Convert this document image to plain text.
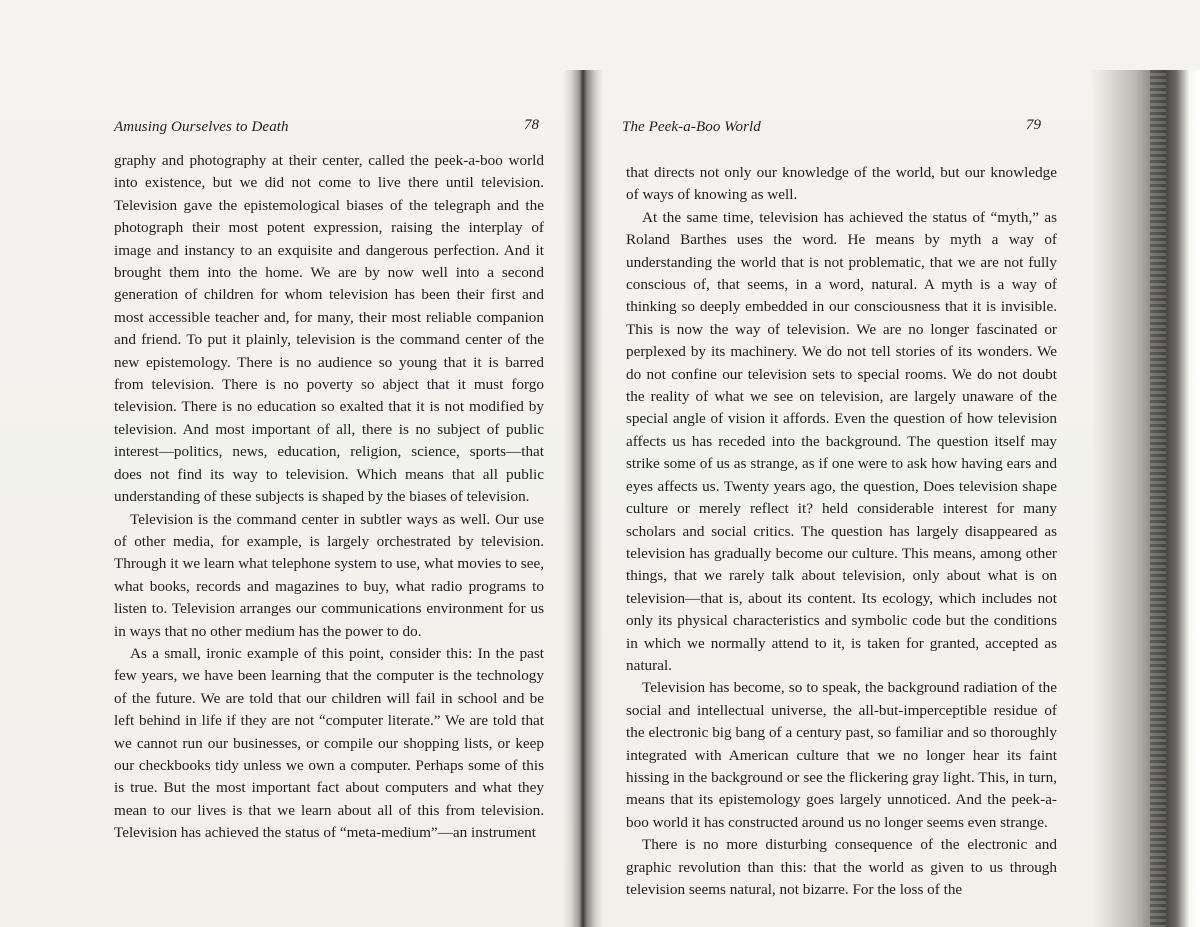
Amusing Ourselves to Death	78

graphy and photography at their center, called the peek-a-boo world into existence, but we did not come to live there until television. Television gave the epistemological biases of the telegraph and the photograph their most potent expression, raising the interplay of image and instancy to an exquisite and dangerous perfection. And it brought them into the home. We are by now well into a second generation of children for whom television has been their first and most accessible teacher and, for many, their most reliable companion and friend. To put it plainly, television is the command center of the new epistemology. There is no audience so young that it is barred from television. There is no poverty so abject that it must forgo television. There is no education so exalted that it is not modified by television. And most important of all, there is no subject of public interest—politics, news, education, religion, science, sports—that does not find its way to television. Which means that all public understanding of these subjects is shaped by the biases of television.

Television is the command center in subtler ways as well. Our use of other media, for example, is largely orchestrated by television. Through it we learn what telephone system to use, what movies to see, what books, records and magazines to buy, what radio programs to listen to. Television arranges our communications environment for us in ways that no other medium has the power to do.

As a small, ironic example of this point, consider this: In the past few years, we have been learning that the computer is the technology of the future. We are told that our children will fail in school and be left behind in life if they are not “computer literate.” We are told that we cannot run our businesses, or compile our shopping lists, or keep our checkbooks tidy unless we own a computer. Perhaps some of this is true. But the most important fact about computers and what they mean to our lives is that we learn about all of this from television. Television has achieved the status of “meta-medium”—an instrument

The Peek-a-Boo World	79

that directs not only our knowledge of the world, but our knowledge of ways of knowing as well.

At the same time, television has achieved the status of “myth,” as Roland Barthes uses the word. He means by myth a way of understanding the world that is not problematic, that we are not fully conscious of, that seems, in a word, natural. A myth is a way of thinking so deeply embedded in our consciousness that it is invisible. This is now the way of television. We are no longer fascinated or perplexed by its machinery. We do not tell stories of its wonders. We do not confine our television sets to special rooms. We do not doubt the reality of what we see on television, are largely unaware of the special angle of vision it affords. Even the question of how television affects us has receded into the background. The question itself may strike some of us as strange, as if one were to ask how having ears and eyes affects us. Twenty years ago, the question, Does television shape culture or merely reflect it? held considerable interest for many scholars and social critics. The question has largely disappeared as television has gradually become our culture. This means, among other things, that we rarely talk about television, only about what is on television—that is, about its content. Its ecology, which includes not only its physical characteristics and symbolic code but the conditions in which we normally attend to it, is taken for granted, accepted as natural.

Television has become, so to speak, the background radiation of the social and intellectual universe, the all-but-imperceptible residue of the electronic big bang of a century past, so familiar and so thoroughly integrated with American culture that we no longer hear its faint hissing in the background or see the flickering gray light. This, in turn, means that its epistemology goes largely unnoticed. And the peek-a-boo world it has constructed around us no longer seems even strange.

There is no more disturbing consequence of the electronic and graphic revolution than this: that the world as given to us through television seems natural, not bizarre. For the loss of the
